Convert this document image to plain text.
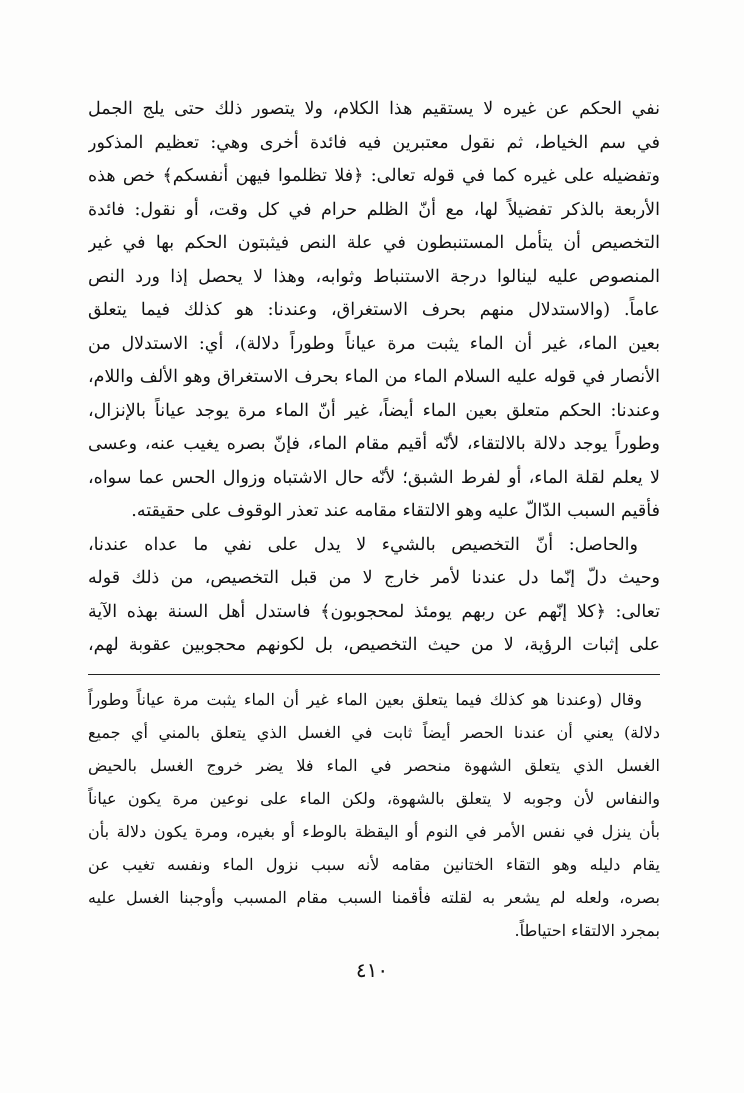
نفي الحكم عن غيره لا يستقيم هذا الكلام، ولا يتصور ذلك حتى يلج الجمل
في سم الخياط، ثم نقول معتبرين فيه فائدة أخرى وهي: تعظيم المذكور
وتفضيله على غيره كما في قوله تعالى: ﴿فلا تظلموا فيهن أنفسكم﴾ خص هذه
الأربعة بالذكر تفضيلاً لها، مع أنّ الظلم حرام في كل وقت، أو نقول: فائدة
التخصيص أن يتأمل المستنبطون في علة النص فيثبتون الحكم بها في غير
المنصوص عليه لينالوا درجة الاستنباط وثوابه، وهذا لا يحصل إذا ورد النص
عاماً. (والاستدلال منهم بحرف الاستغراق، وعندنا: هو كذلك فيما يتعلق
بعين الماء، غير أن الماء يثبت مرة عياناً وطوراً دلالة)، أي: الاستدلال من
الأنصار في قوله عليه السلام الماء من الماء بحرف الاستغراق وهو الألف واللام،
وعندنا: الحكم متعلق بعين الماء أيضاً، غير أنّ الماء مرة يوجد عياناً بالإنزال،
وطوراً يوجد دلالة بالالتقاء، لأنّه أقيم مقام الماء، فإنّ بصره يغيب عنه، وعسى
لا يعلم لقلة الماء، أو لفرط الشبق؛ لأنّه حال الاشتباه وزوال الحس عما سواه،
فأقيم السبب الدّالّ عليه وهو الالتقاء مقامه عند تعذر الوقوف على حقيقته.
والحاصل: أنّ التخصيص بالشيء لا يدل على نفي ما عداه عندنا،
وحيث دلّ إنّما دل عندنا لأمر خارج لا من قبل التخصيص، من ذلك قوله
تعالى: ﴿كلا إنّهم عن ربهم يومئذ لمحجوبون﴾ فاستدل أهل السنة بهذه الآية
على إثبات الرؤية، لا من حيث التخصيص، بل لكونهم محجوبين عقوبة لهم،
وقال (وعندنا هو كذلك فيما يتعلق بعين الماء غير أن الماء يثبت مرة عياناً وطوراً
دلالة) يعني أن عندنا الحصر أيضاً ثابت في الغسل الذي يتعلق بالمني أي جميع
الغسل الذي يتعلق الشهوة منحصر في الماء فلا يضر خروج الغسل بالحيض
والنفاس لأن وجوبه لا يتعلق بالشهوة، ولكن الماء على نوعين مرة يكون عياناً
بأن ينزل في نفس الأمر في النوم أو اليقظة بالوطء أو بغيره، ومرة يكون دلالة بأن
يقام دليله وهو التقاء الختانين مقامه لأنه سبب نزول الماء ونفسه تغيب عن
بصره، ولعله لم يشعر به لقلته فأقمنا السبب مقام المسبب وأوجبنا الغسل عليه
بمجرد الالتقاء احتياطاً.
٤١٠
